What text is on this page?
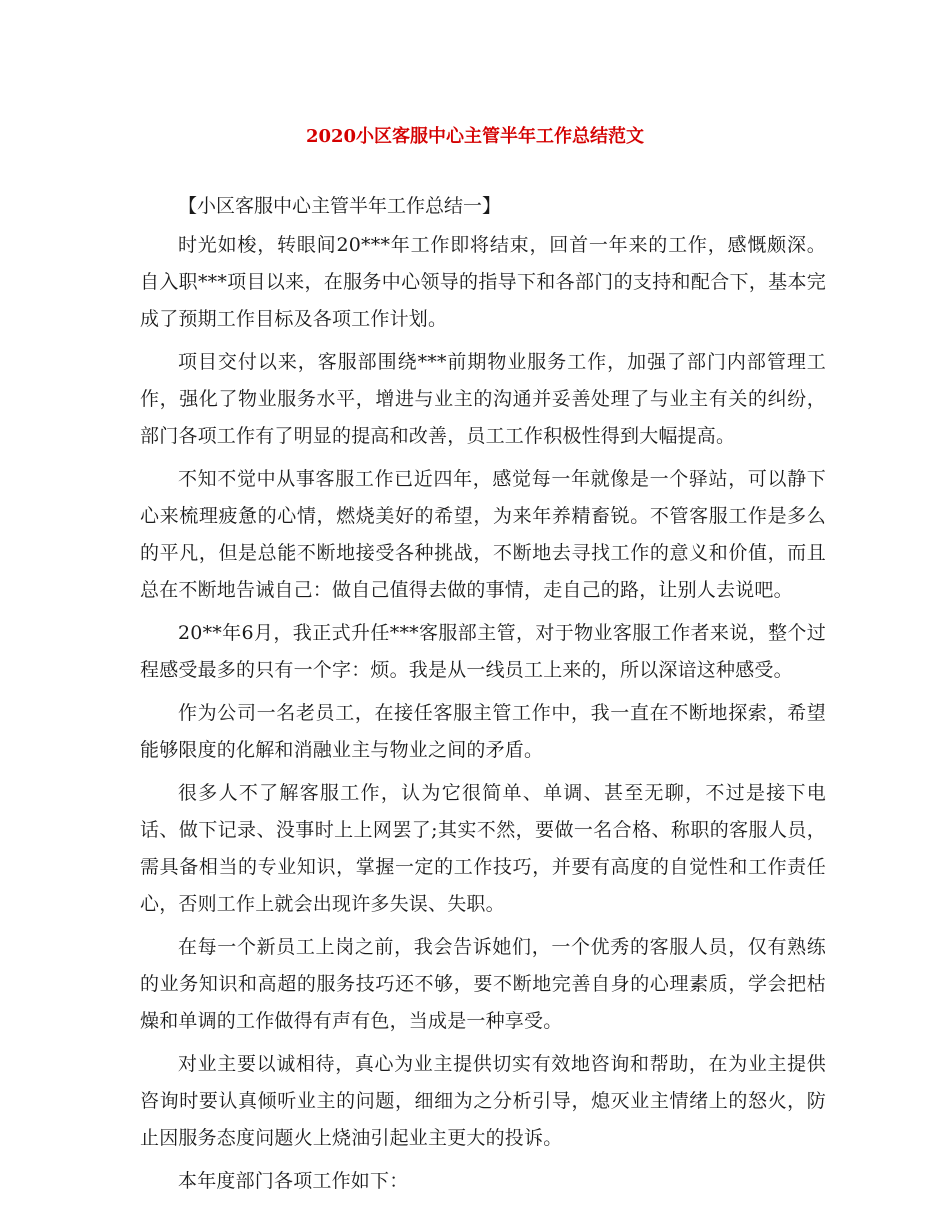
2020小区客服中心主管半年工作总结范文

【小区客服中心主管半年工作总结一】

时光如梭，转眼间20***年工作即将结束，回首一年来的工作，感慨颇深。自入职***项目以来，在服务中心领导的指导下和各部门的支持和配合下，基本完成了预期工作目标及各项工作计划。

项目交付以来，客服部围绕***前期物业服务工作，加强了部门内部管理工作，强化了物业服务水平，增进与业主的沟通并妥善处理了与业主有关的纠纷，部门各项工作有了明显的提高和改善，员工工作积极性得到大幅提高。

不知不觉中从事客服工作已近四年，感觉每一年就像是一个驿站，可以静下心来梳理疲惫的心情，燃烧美好的希望，为来年养精畜锐。不管客服工作是多么的平凡，但是总能不断地接受各种挑战，不断地去寻找工作的意义和价值，而且总在不断地告诫自己：做自己值得去做的事情，走自己的路，让别人去说吧。

20**年6月，我正式升任***客服部主管，对于物业客服工作者来说，整个过程感受最多的只有一个字：烦。我是从一线员工上来的，所以深谙这种感受。

作为公司一名老员工，在接任客服主管工作中，我一直在不断地探索，希望能够限度的化解和消融业主与物业之间的矛盾。

很多人不了解客服工作，认为它很简单、单调、甚至无聊，不过是接下电话、做下记录、没事时上上网罢了;其实不然，要做一名合格、称职的客服人员，需具备相当的专业知识，掌握一定的工作技巧，并要有高度的自觉性和工作责任心，否则工作上就会出现许多失误、失职。

在每一个新员工上岗之前，我会告诉她们，一个优秀的客服人员，仅有熟练的业务知识和高超的服务技巧还不够，要不断地完善自身的心理素质，学会把枯燥和单调的工作做得有声有色，当成是一种享受。

对业主要以诚相待，真心为业主提供切实有效地咨询和帮助，在为业主提供咨询时要认真倾听业主的问题，细细为之分析引导，熄灭业主情绪上的怒火，防止因服务态度问题火上烧油引起业主更大的投诉。

本年度部门各项工作如下：
